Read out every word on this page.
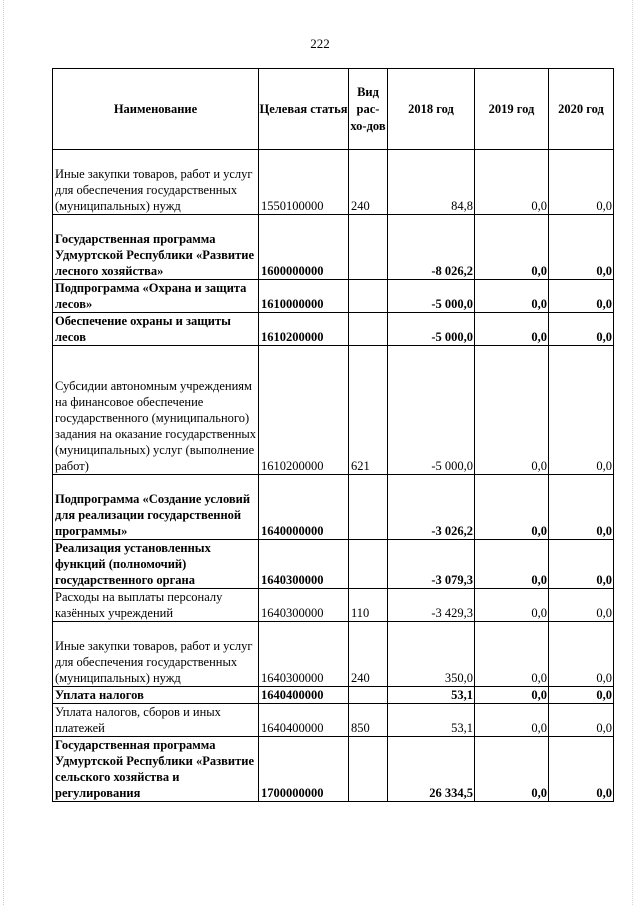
222
Наименование	Целевая статья	Вид рас-хо-дов	2018 год	2019 год	2020 год
Иные закупки товаров, работ и услуг для обеспечения государственных (муниципальных) нужд	1550100000	240	84,8	0,0	0,0
Государственная программа Удмуртской Республики «Развитие лесного хозяйства»	1600000000		-8 026,2	0,0	0,0
Подпрограмма «Охрана и защита лесов»	1610000000		-5 000,0	0,0	0,0
Обеспечение охраны и защиты лесов	1610200000		-5 000,0	0,0	0,0
Субсидии автономным учреждениям на финансовое обеспечение государственного (муниципального) задания на оказание государственных (муниципальных) услуг (выполнение работ)	1610200000	621	-5 000,0	0,0	0,0
Подпрограмма «Создание условий для реализации государственной программы»	1640000000		-3 026,2	0,0	0,0
Реализация установленных функций (полномочий) государственного органа	1640300000		-3 079,3	0,0	0,0
Расходы на выплаты персоналу казённых учреждений	1640300000	110	-3 429,3	0,0	0,0
Иные закупки товаров, работ и услуг для обеспечения государственных (муниципальных) нужд	1640300000	240	350,0	0,0	0,0
Уплата налогов	1640400000		53,1	0,0	0,0
Уплата налогов, сборов и иных платежей	1640400000	850	53,1	0,0	0,0
Государственная программа Удмуртской Республики «Развитие сельского хозяйства и регулирования	1700000000		26 334,5	0,0	0,0
